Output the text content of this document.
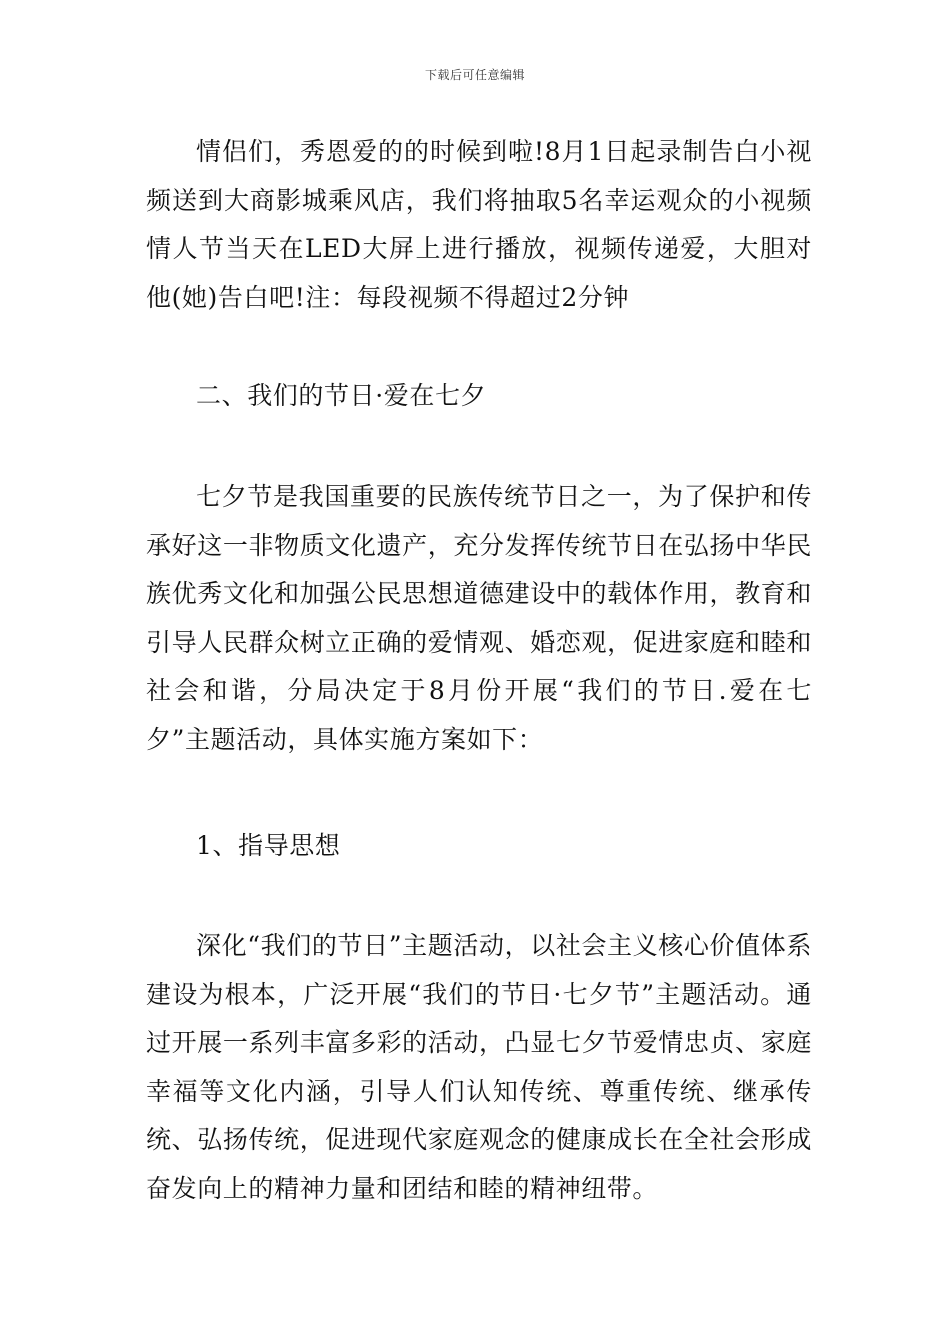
下载后可任意编辑

情侣们，秀恩爱的的时候到啦!8月1日起录制告白小视频送到大商影城乘风店，我们将抽取5名幸运观众的小视频情人节当天在LED大屏上进行播放，视频传递爱，大胆对他(她)告白吧!注：每段视频不得超过2分钟

二、我们的节日·爱在七夕

七夕节是我国重要的民族传统节日之一，为了保护和传承好这一非物质文化遗产，充分发挥传统节日在弘扬中华民族优秀文化和加强公民思想道德建设中的载体作用，教育和引导人民群众树立正确的爱情观、婚恋观，促进家庭和睦和社会和谐，分局决定于8月份开展“我们的节日.爱在七夕”主题活动，具体实施方案如下：

1、指导思想

深化“我们的节日”主题活动，以社会主义核心价值体系建设为根本，广泛开展“我们的节日·七夕节”主题活动。通过开展一系列丰富多彩的活动，凸显七夕节爱情忠贞、家庭幸福等文化内涵，引导人们认知传统、尊重传统、继承传统、弘扬传统，促进现代家庭观念的健康成长在全社会形成奋发向上的精神力量和团结和睦的精神纽带。
